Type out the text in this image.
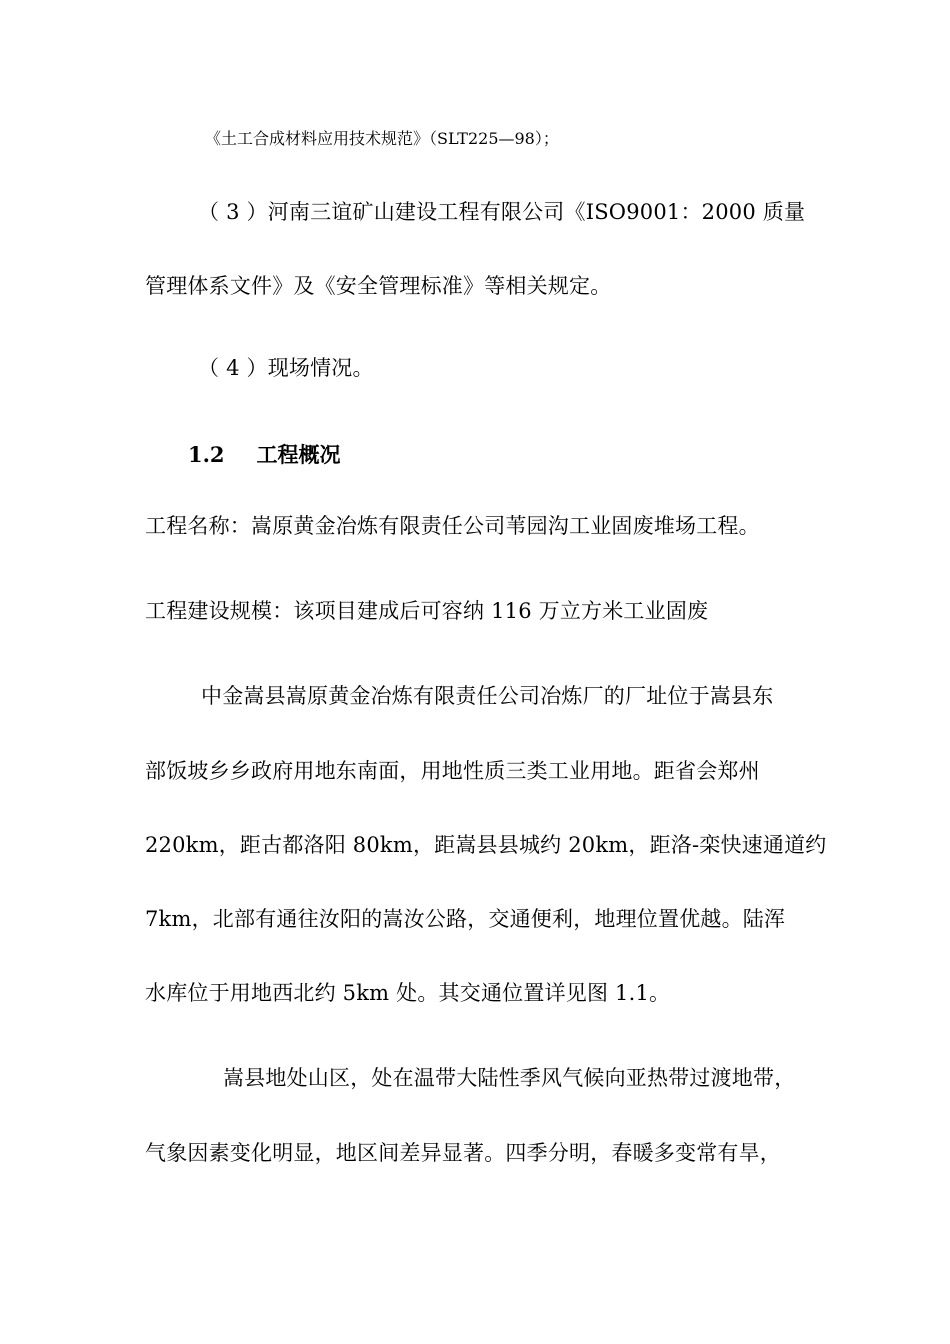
《土工合成材料应用技术规范》（SLT225—98）；
（ 3 ）河南三谊矿山建设工程有限公司《ISO9001：2000 质量
管理体系文件》及《安全管理标准》等相关规定。
（ 4 ）现场情况。
1.2 工程概况
工程名称：嵩原黄金冶炼有限责任公司苇园沟工业固废堆场工程。
工程建设规模：该项目建成后可容纳 116 万立方米工业固废
中金嵩县嵩原黄金冶炼有限责任公司冶炼厂的厂址位于嵩县东
部饭坡乡乡政府用地东南面，用地性质三类工业用地。距省会郑州
220km，距古都洛阳 80km，距嵩县县城约 20km，距洛-栾快速通道约
7km，北部有通往汝阳的嵩汝公路，交通便利，地理位置优越。陆浑
水库位于用地西北约 5km 处。其交通位置详见图 1.1。
嵩县地处山区，处在温带大陆性季风气候向亚热带过渡地带，
气象因素变化明显，地区间差异显著。四季分明，春暖多变常有旱，
